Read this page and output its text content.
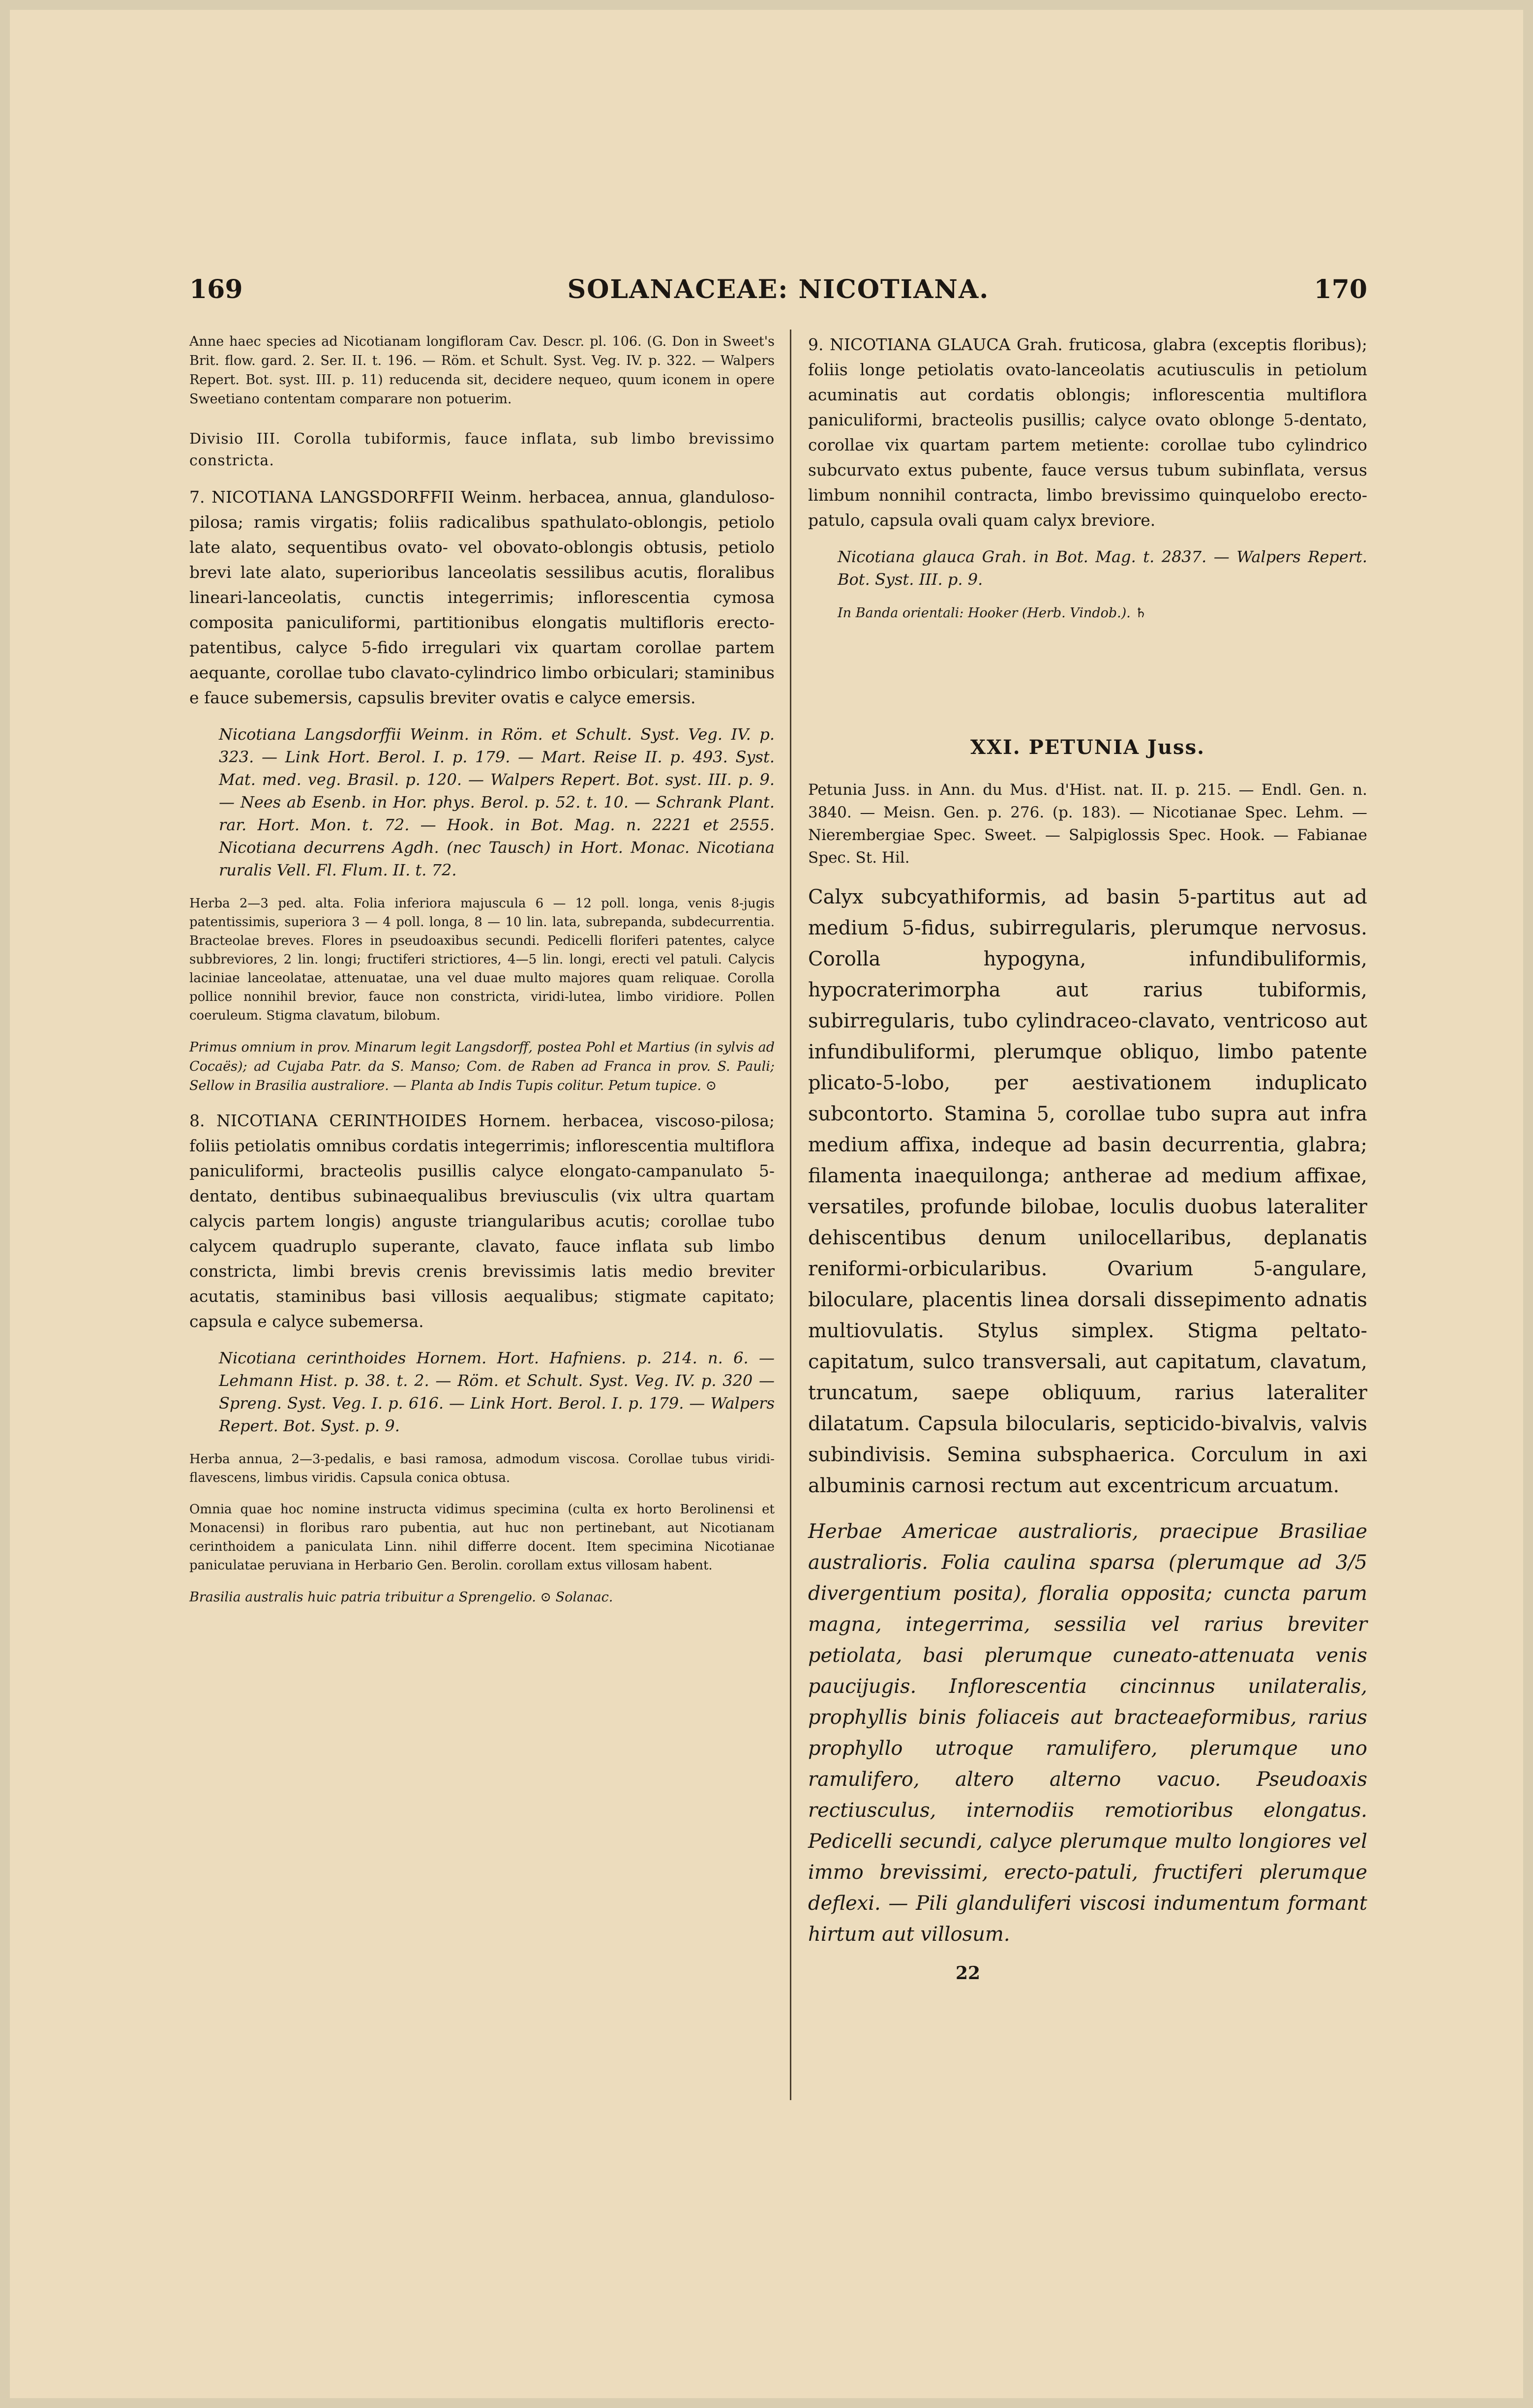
169	SOLANACEAE: NICOTIANA.	170

Anne haec species ad Nicotianam longifloram Cav. Descr. pl. 106. (G. Don in Sweet's Brit. flow. gard. 2. Ser. II. t. 196. — Röm. et Schult. Syst. Veg. IV. p. 322. — Walpers Repert. Bot. syst. III. p. 11) reducenda sit, decidere nequeo, quum iconem in opere Sweetiano contentam comparare non potuerim.

Divisio III. Corolla tubiformis, fauce inflata, sub limbo brevissimo constricta.

7. NICOTIANA LANGSDORFFII Weinm. herbacea, annua, glanduloso-pilosa; ramis virgatis; foliis radicalibus spathulato-oblongis, petiolo late alato, sequentibus ovato- vel obovato-oblongis obtusis, petiolo brevi late alato, superioribus lanceolatis sessilibus acutis, floralibus lineari-lanceolatis, cunctis integerrimis; inflorescentia cymosa composita paniculiformi, partitionibus elongatis multifloris erecto-patentibus, calyce 5-fido irregulari vix quartam corollae partem aequante, corollae tubo clavato-cylindrico limbo orbiculari; staminibus e fauce subemersis, capsulis breviter ovatis e calyce emersis.

Nicotiana Langsdorffii Weinm. in Röm. et Schult. Syst. Veg. IV. p. 323. — Link Hort. Berol. I. p. 179. — Mart. Reise II. p. 493. Syst. Mat. med. veg. Brasil. p. 120. — Walpers Repert. Bot. syst. III. p. 9. — Nees ab Esenb. in Hor. phys. Berol. p. 52. t. 10. — Schrank Plant. rar. Hort. Mon. t. 72. — Hook. in Bot. Mag. n. 2221 et 2555. Nicotiana decurrens Agdh. (nec Tausch) in Hort. Monac. Nicotiana ruralis Vell. Fl. Flum. II. t. 72.

Herba 2—3 ped. alta. Folia inferiora majuscula 6 — 12 poll. longa, venis 8-jugis patentissimis, superiora 3 — 4 poll. longa, 8 — 10 lin. lata, subrepanda, subdecurrentia. Bracteolae breves. Flores in pseudoaxibus secundi. Pedicelli floriferi patentes, calyce subbreviores, 2 lin. longi; fructiferi strictiores, 4—5 lin. longi, erecti vel patuli. Calycis laciniae lanceolatae, attenuatae, una vel duae multo majores quam reliquae. Corolla pollice nonnihil brevior, fauce non constricta, viridi-lutea, limbo viridiore. Pollen coeruleum. Stigma clavatum, bilobum.

Primus omnium in prov. Minarum legit Langsdorff, postea Pohl et Martius (in sylvis ad Cocaës); ad Cujaba Patr. da S. Manso; Com. de Raben ad Franca in prov. S. Pauli; Sellow in Brasilia australiore. — Planta ab Indis Tupis colitur. Petum tupice. ⊙

8. NICOTIANA CERINTHOIDES Hornem. herbacea, viscoso-pilosa; foliis petiolatis omnibus cordatis integerrimis; inflorescentia multiflora paniculiformi, bracteolis pusillis calyce elongato-campanulato 5-dentato, dentibus subinaequalibus breviusculis (vix ultra quartam calycis partem longis) anguste triangularibus acutis; corollae tubo calycem quadruplo superante, clavato, fauce inflata sub limbo constricta, limbi brevis crenis brevissimis latis medio breviter acutatis, staminibus basi villosis aequalibus; stigmate capitato; capsula e calyce subemersa.

Nicotiana cerinthoides Hornem. Hort. Hafniens. p. 214. n. 6. — Lehmann Hist. p. 38. t. 2. — Röm. et Schult. Syst. Veg. IV. p. 320 — Spreng. Syst. Veg. I. p. 616. — Link Hort. Berol. I. p. 179. — Walpers Repert. Bot. Syst. p. 9.

Herba annua, 2—3-pedalis, e basi ramosa, admodum viscosa. Corollae tubus viridi-flavescens, limbus viridis. Capsula conica obtusa.

Omnia quae hoc nomine instructa vidimus specimina (culta ex horto Berolinensi et Monacensi) in floribus raro pubentia, aut huc non pertinebant, aut Nicotianam cerinthoidem a paniculata Linn. nihil differre docent. Item specimina Nicotianae paniculatae peruviana in Herbario Gen. Berolin. corollam extus villosam habent.

Brasilia australis huic patria tribuitur a Sprengelio. ⊙ Solanac.

9. NICOTIANA GLAUCA Grah. fruticosa, glabra (exceptis floribus); foliis longe petiolatis ovato-lanceolatis acutiusculis in petiolum acuminatis aut cordatis oblongis; inflorescentia multiflora paniculiformi, bracteolis pusillis; calyce ovato oblonge 5-dentato, corollae vix quartam partem metiente: corollae tubo cylindrico subcurvato extus pubente, fauce versus tubum subinflata, versus limbum nonnihil contracta, limbo brevissimo quinquelobo erecto-patulo, capsula ovali quam calyx breviore.

Nicotiana glauca Grah. in Bot. Mag. t. 2837. — Walpers Repert. Bot. Syst. III. p. 9.

In Banda orientali: Hooker (Herb. Vindob.). ♄

XXI. PETUNIA Juss.

Petunia Juss. in Ann. du Mus. d'Hist. nat. II. p. 215. — Endl. Gen. n. 3840. — Meisn. Gen. p. 276. (p. 183). — Nicotianae Spec. Lehm. — Nierembergiae Spec. Sweet. — Salpiglossis Spec. Hook. — Fabianae Spec. St. Hil.

Calyx subcyathiformis, ad basin 5-partitus aut ad medium 5-fidus, subirregularis, plerumque nervosus. Corolla hypogyna, infundibuliformis, hypocraterimorpha aut rarius tubiformis, subirregularis, tubo cylindraceo-clavato, ventricoso aut infundibuliformi, plerumque obliquo, limbo patente plicato-5-lobo, per aestivationem induplicato subcontorto. Stamina 5, corollae tubo supra aut infra medium affixa, indeque ad basin decurrentia, glabra; filamenta inaequilonga; antherae ad medium affixae, versatiles, profunde bilobae, loculis duobus lateraliter dehiscentibus denum unilocellaribus, deplanatis reniformi-orbicularibus. Ovarium 5-angulare, biloculare, placentis linea dorsali dissepimento adnatis multiovulatis. Stylus simplex. Stigma peltato-capitatum, sulco transversali, aut capitatum, clavatum, truncatum, saepe obliquum, rarius lateraliter dilatatum. Capsula bilocularis, septicido-bivalvis, valvis subindivisis. Semina subsphaerica. Corculum in axi albuminis carnosi rectum aut excentricum arcuatum.

Herbae Americae australioris, praecipue Brasiliae australioris. Folia caulina sparsa (plerumque ad 3/5 divergentium posita), floralia opposita; cuncta parum magna, integerrima, sessilia vel rarius breviter petiolata, basi plerumque cuneato-attenuata venis paucijugis. Inflorescentia cincinnus unilateralis, prophyllis binis foliaceis aut bracteaeformibus, rarius prophyllo utroque ramulifero, plerumque uno ramulifero, altero alterno vacuo. Pseudoaxis rectiusculus, internodiis remotioribus elongatus. Pedicelli secundi, calyce plerumque multo longiores vel immo brevissimi, erecto-patuli, fructiferi plerumque deflexi. — Pili glanduliferi viscosi indumentum formant hirtum aut villosum.

22
